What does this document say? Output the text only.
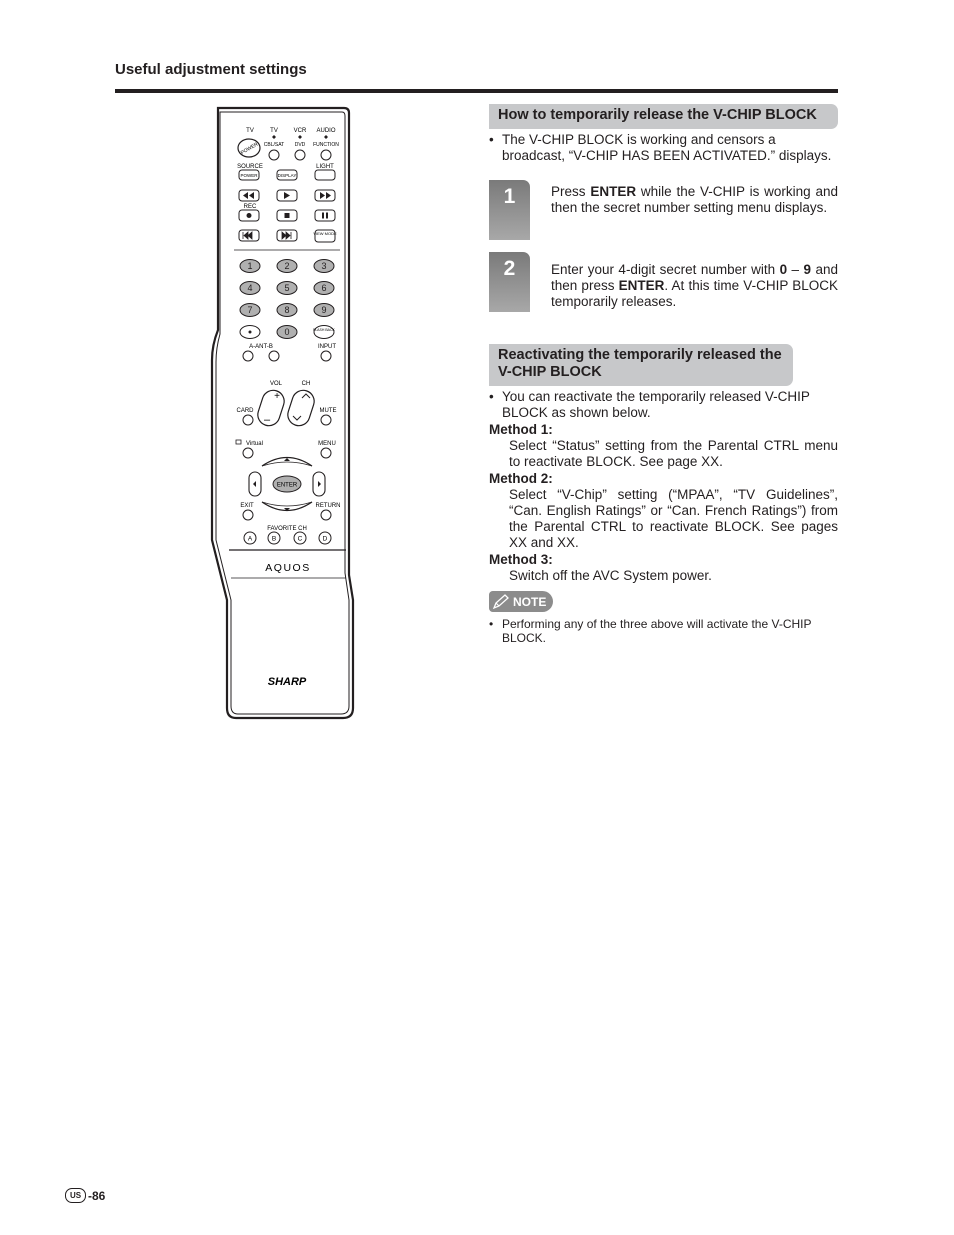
Useful adjustment settings
TV	TV	VCR AUDIO
CBL/SAT DVD FUNCTION
POWER
SOURCE	LIGHT
POWER	DISPLAY
REC
VIEW MODE
FLASH BACK
1	2	3
4	5	6
7	8	9
0
A-ANT-B	INPUT
VOL	CH
+
–
CARD	MUTE
Virtual	MENU
ENTER
EXIT	RETURN
FAVORITE CH
A	B	C	D
AQUOS
SHARP
How to temporarily release the V-CHIP BLOCK
• The V-CHIP BLOCK is working and censors a broadcast, “V-CHIP HAS BEEN ACTIVATED.” displays.
1	Press ENTER while the V-CHIP is working and then the secret number setting menu displays.
2	Enter your 4-digit secret number with 0 – 9 and then press ENTER. At this time V-CHIP BLOCK temporarily releases.
Reactivating the temporarily released the V-CHIP BLOCK
• You can reactivate the temporarily released V-CHIP BLOCK as shown below.
Method 1:
Select “Status” setting from the Parental CTRL menu to reactivate BLOCK. See page XX.
Method 2:
Select “V-Chip” setting (“MPAA”, “TV Guidelines”, “Can. English Ratings” or “Can. French Ratings”) from the Parental CTRL to reactivate BLOCK. See pages XX and XX.
Method 3:
Switch off the AVC System power.
NOTE
• Performing any of the three above will activate the V-CHIP BLOCK.
US -86
